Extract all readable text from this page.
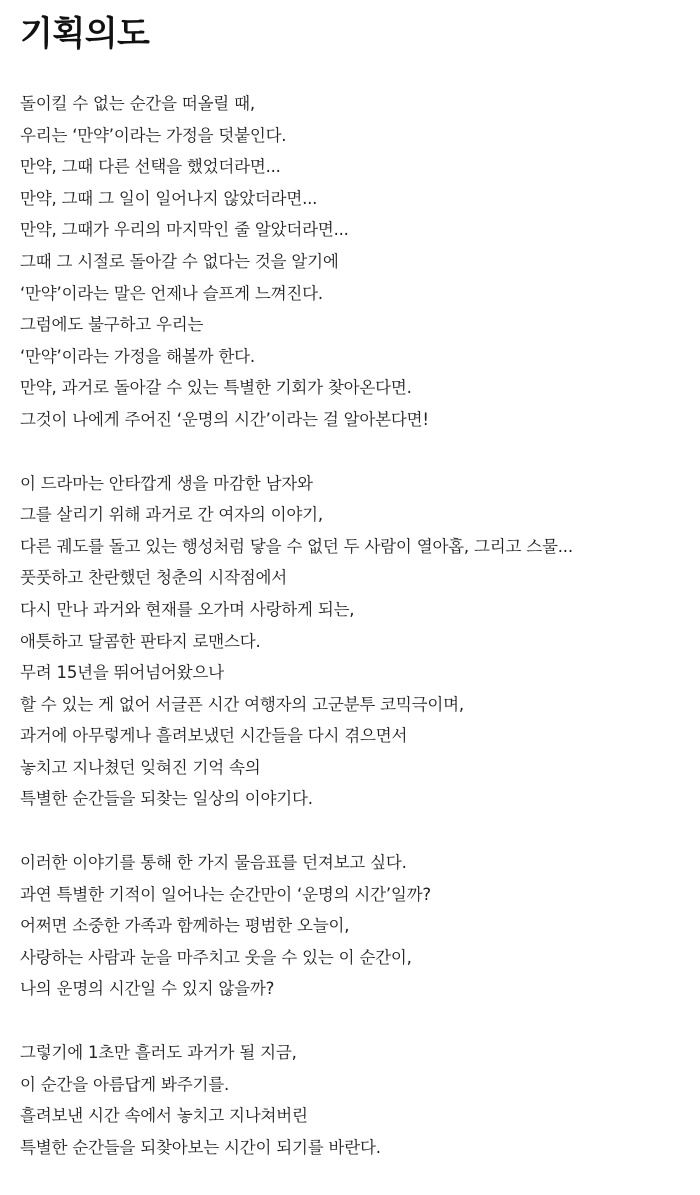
기획의도
돌이킬 수 없는 순간을 떠올릴 때,
우리는 ‘만약’이라는 가정을 덧붙인다.
만약, 그때 다른 선택을 했었더라면...
만약, 그때 그 일이 일어나지 않았더라면...
만약, 그때가 우리의 마지막인 줄 알았더라면...
그때 그 시절로 돌아갈 수 없다는 것을 알기에
‘만약’이라는 말은 언제나 슬프게 느껴진다.
그럼에도 불구하고 우리는
‘만약’이라는 가정을 해볼까 한다.
만약, 과거로 돌아갈 수 있는 특별한 기회가 찾아온다면.
그것이 나에게 주어진 ‘운명의 시간’이라는 걸 알아본다면!
이 드라마는 안타깝게 생을 마감한 남자와
그를 살리기 위해 과거로 간 여자의 이야기,
다른 궤도를 돌고 있는 행성처럼 닿을 수 없던 두 사람이 열아홉, 그리고 스물...
풋풋하고 찬란했던 청춘의 시작점에서
다시 만나 과거와 현재를 오가며 사랑하게 되는,
애틋하고 달콤한 판타지 로맨스다.
무려 15년을 뛰어넘어왔으나
할 수 있는 게 없어 서글픈 시간 여행자의 고군분투 코믹극이며,
과거에 아무렇게나 흘려보냈던 시간들을 다시 겪으면서
놓치고 지나쳤던 잊혀진 기억 속의
특별한 순간들을 되찾는 일상의 이야기다.
이러한 이야기를 통해 한 가지 물음표를 던져보고 싶다.
과연 특별한 기적이 일어나는 순간만이 ‘운명의 시간’일까?
어쩌면 소중한 가족과 함께하는 평범한 오늘이,
사랑하는 사람과 눈을 마주치고 웃을 수 있는 이 순간이,
나의 운명의 시간일 수 있지 않을까?
그렇기에 1초만 흘러도 과거가 될 지금,
이 순간을 아름답게 봐주기를.
흘려보낸 시간 속에서 놓치고 지나쳐버린
특별한 순간들을 되찾아보는 시간이 되기를 바란다.
